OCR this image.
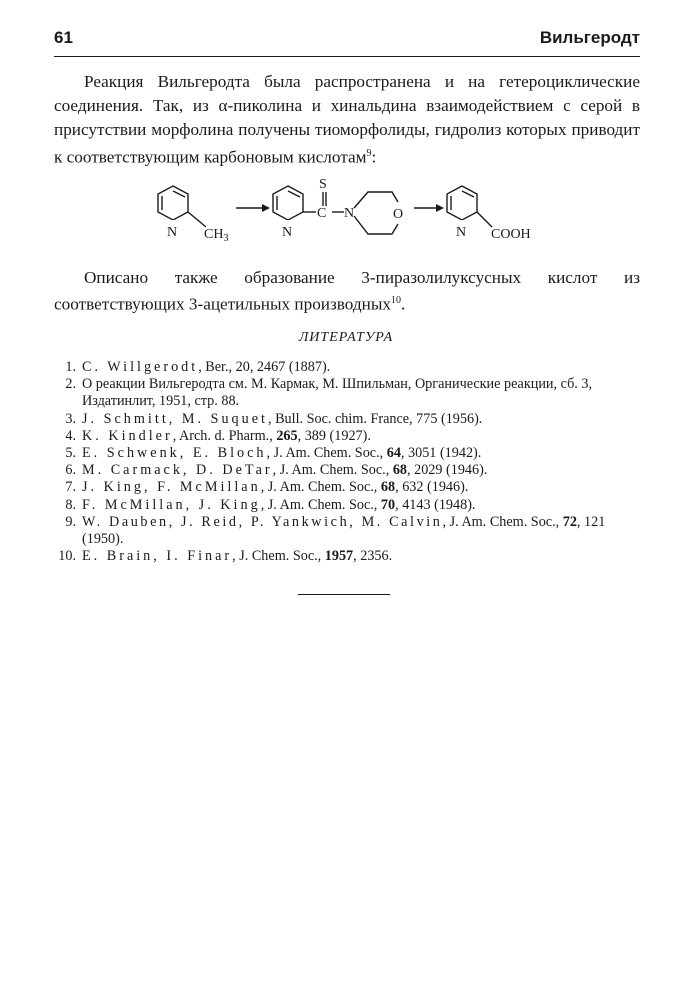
61	Вильгеродт

Реакция Вильгеродта была распространена и на гетероциклические соединения. Так, из α-пиколина и хинальдина взаимодействием с серой в присутствии морфолина получены тиоморфолиды, гидролиз которых приводит к соответствующим карбоновым кислотам$^9$:

N $CH_3$	N
S
C N	O
N COOH

Описано также образование 3-пиразолилуксусных кислот из соответствующих 3-ацетильных производных$^{10}$.

ЛИТЕРАТУРА
1. C. Willgerodt, Ber., 20, 2467 (1887).
2. О реакции Вильгеродта см. М. Кармак, М. Шпильман, Органические реакции, сб. 3, Издатинлит, 1951, стр. 88.
3. J. Schmitt, M. Suquet, Bull. Soc. chim. France, 775 (1956).
4. K. Kindler, Arch. d. Pharm., 265, 389 (1927).
5. E. Schwenk, E. Bloch, J. Am. Chem. Soc., 64, 3051 (1942).
6. M. Carmack, D. DeTar, J. Am. Chem. Soc., 68, 2029 (1946).
7. J. King, F. McMillan, J. Am. Chem. Soc., 68, 632 (1946).
8. F. McMillan, J. King, J. Am. Chem. Soc., 70, 4143 (1948).
9. W. Dauben, J. Reid, P. Yankwich, M. Calvin, J. Am. Chem. Soc., 72, 121 (1950).
10. E. Brain, I. Finar, J. Chem. Soc., 1957, 2356.
